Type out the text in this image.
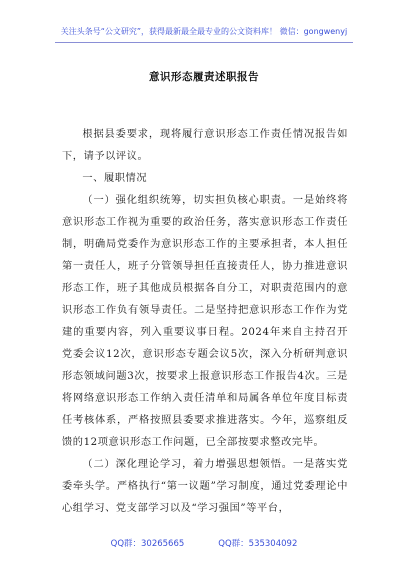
关注头条号“公文研究”，获得最新最全最专业的公文资料库！ 微信：gongwenyj
意识形态履责述职报告

根据县委要求，现将履行意识形态工作责任情况报告如下，请予以评议。

一、履职情况

（一）强化组织统筹，切实担负核心职责。一是始终将意识形态工作视为重要的政治任务，落实意识形态工作责任制，明确局党委作为意识形态工作的主要承担者，本人担任第一责任人，班子分管领导担任直接责任人，协力推进意识形态工作，班子其他成员根据各自分工，对职责范围内的意识形态工作负有领导责任。二是坚持把意识形态工作作为党建的重要内容，列入重要议事日程。2024年来自主持召开党委会议12次，意识形态专题会议5次，深入分析研判意识形态领域问题3次，按要求上报意识形态工作报告4次。三是将网络意识形态工作纳入责任清单和局属各单位年度目标责任考核体系，严格按照县委要求推进落实。今年，巡察组反馈的12项意识形态工作问题，已全部按要求整改完毕。

（二）深化理论学习，着力增强思想领悟。一是落实党委牵头学。严格执行“第一议题”学习制度，通过党委理论中心组学习、党支部学习以及“学习强国”等平台，

QQ群：30265665	QQ群：535304092
